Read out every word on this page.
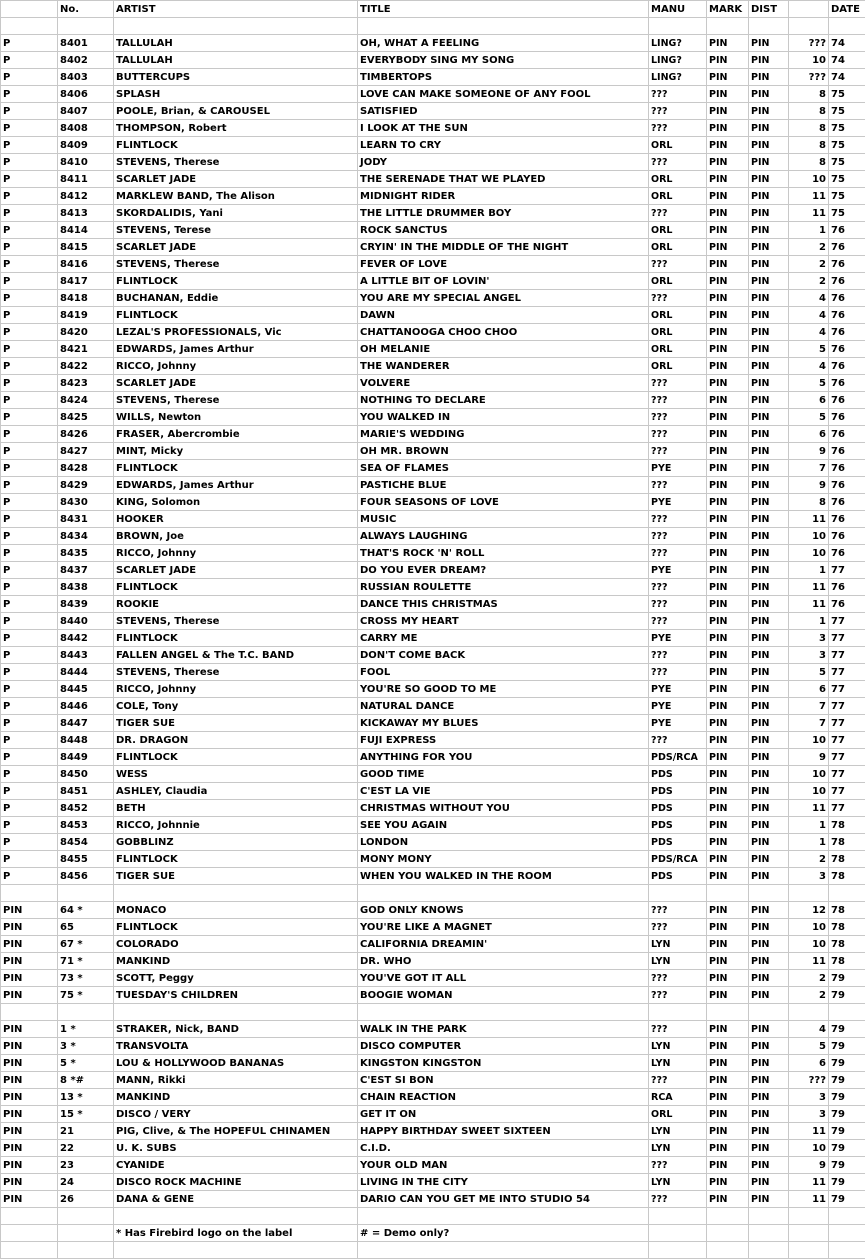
	No.	ARTIST	TITLE	MANU	MARK	DIST		DATE

P	8401	TALLULAH	OH, WHAT A FEELING	LING?	PIN	PIN	???	74
P	8402	TALLULAH	EVERYBODY SING MY SONG	LING?	PIN	PIN	10	74
P	8403	BUTTERCUPS	TIMBERTOPS	LING?	PIN	PIN	???	74
P	8406	SPLASH	LOVE CAN MAKE SOMEONE OF ANY FOOL	???	PIN	PIN	8	75
P	8407	POOLE, Brian, & CAROUSEL	SATISFIED	???	PIN	PIN	8	75
P	8408	THOMPSON, Robert	I LOOK AT THE SUN	???	PIN	PIN	8	75
P	8409	FLINTLOCK	LEARN TO CRY	ORL	PIN	PIN	8	75
P	8410	STEVENS, Therese	JODY	???	PIN	PIN	8	75
P	8411	SCARLET JADE	THE SERENADE THAT WE PLAYED	ORL	PIN	PIN	10	75
P	8412	MARKLEW BAND, The Alison	MIDNIGHT RIDER	ORL	PIN	PIN	11	75
P	8413	SKORDALIDIS, Yani	THE LITTLE DRUMMER BOY	???	PIN	PIN	11	75
P	8414	STEVENS, Terese	ROCK SANCTUS	ORL	PIN	PIN	1	76
P	8415	SCARLET JADE	CRYIN' IN THE MIDDLE OF THE NIGHT	ORL	PIN	PIN	2	76
P	8416	STEVENS, Therese	FEVER OF LOVE	???	PIN	PIN	2	76
P	8417	FLINTLOCK	A LITTLE BIT OF LOVIN'	ORL	PIN	PIN	2	76
P	8418	BUCHANAN, Eddie	YOU ARE MY SPECIAL ANGEL	???	PIN	PIN	4	76
P	8419	FLINTLOCK	DAWN	ORL	PIN	PIN	4	76
P	8420	LEZAL'S PROFESSIONALS, Vic	CHATTANOOGA CHOO CHOO	ORL	PIN	PIN	4	76
P	8421	EDWARDS, James Arthur	OH MELANIE	ORL	PIN	PIN	5	76
P	8422	RICCO, Johnny	THE WANDERER	ORL	PIN	PIN	4	76
P	8423	SCARLET JADE	VOLVERE	???	PIN	PIN	5	76
P	8424	STEVENS, Therese	NOTHING TO DECLARE	???	PIN	PIN	6	76
P	8425	WILLS, Newton	YOU WALKED IN	???	PIN	PIN	5	76
P	8426	FRASER, Abercrombie	MARIE'S WEDDING	???	PIN	PIN	6	76
P	8427	MINT, Micky	OH MR. BROWN	???	PIN	PIN	9	76
P	8428	FLINTLOCK	SEA OF FLAMES	PYE	PIN	PIN	7	76
P	8429	EDWARDS, James Arthur	PASTICHE BLUE	???	PIN	PIN	9	76
P	8430	KING, Solomon	FOUR SEASONS OF LOVE	PYE	PIN	PIN	8	76
P	8431	HOOKER	MUSIC	???	PIN	PIN	11	76
P	8434	BROWN, Joe	ALWAYS LAUGHING	???	PIN	PIN	10	76
P	8435	RICCO, Johnny	THAT'S ROCK 'N' ROLL	???	PIN	PIN	10	76
P	8437	SCARLET JADE	DO YOU EVER DREAM?	PYE	PIN	PIN	1	77
P	8438	FLINTLOCK	RUSSIAN ROULETTE	???	PIN	PIN	11	76
P	8439	ROOKIE	DANCE THIS CHRISTMAS	???	PIN	PIN	11	76
P	8440	STEVENS, Therese	CROSS MY HEART	???	PIN	PIN	1	77
P	8442	FLINTLOCK	CARRY ME	PYE	PIN	PIN	3	77
P	8443	FALLEN ANGEL & The T.C. BAND	DON'T COME BACK	???	PIN	PIN	3	77
P	8444	STEVENS, Therese	FOOL	???	PIN	PIN	5	77
P	8445	RICCO, Johnny	YOU'RE SO GOOD TO ME	PYE	PIN	PIN	6	77
P	8446	COLE, Tony	NATURAL DANCE	PYE	PIN	PIN	7	77
P	8447	TIGER SUE	KICKAWAY MY BLUES	PYE	PIN	PIN	7	77
P	8448	DR. DRAGON	FUJI EXPRESS	???	PIN	PIN	10	77
P	8449	FLINTLOCK	ANYTHING FOR YOU	PDS/RCA	PIN	PIN	9	77
P	8450	WESS	GOOD TIME	PDS	PIN	PIN	10	77
P	8451	ASHLEY, Claudia	C'EST LA VIE	PDS	PIN	PIN	10	77
P	8452	BETH	CHRISTMAS WITHOUT YOU	PDS	PIN	PIN	11	77
P	8453	RICCO, Johnnie	SEE YOU AGAIN	PDS	PIN	PIN	1	78
P	8454	GOBBLINZ	LONDON	PDS	PIN	PIN	1	78
P	8455	FLINTLOCK	MONY MONY	PDS/RCA	PIN	PIN	2	78
P	8456	TIGER SUE	WHEN YOU WALKED IN THE ROOM	PDS	PIN	PIN	3	78

PIN	64 *	MONACO	GOD ONLY KNOWS	???	PIN	PIN	12	78
PIN	65	FLINTLOCK	YOU'RE LIKE A MAGNET	???	PIN	PIN	10	78
PIN	67 *	COLORADO	CALIFORNIA DREAMIN'	LYN	PIN	PIN	10	78
PIN	71 *	MANKIND	DR. WHO	LYN	PIN	PIN	11	78
PIN	73 *	SCOTT, Peggy	YOU'VE GOT IT ALL	???	PIN	PIN	2	79
PIN	75 *	TUESDAY'S CHILDREN	BOOGIE WOMAN	???	PIN	PIN	2	79

PIN	1 *	STRAKER, Nick, BAND	WALK IN THE PARK	???	PIN	PIN	4	79
PIN	3 *	TRANSVOLTA	DISCO COMPUTER	LYN	PIN	PIN	5	79
PIN	5 *	LOU & HOLLYWOOD BANANAS	KINGSTON KINGSTON	LYN	PIN	PIN	6	79
PIN	8 *#	MANN, Rikki	C'EST SI BON	???	PIN	PIN	???	79
PIN	13 *	MANKIND	CHAIN REACTION	RCA	PIN	PIN	3	79
PIN	15 *	DISCO / VERY	GET IT ON	ORL	PIN	PIN	3	79
PIN	21	PIG, Clive, & The HOPEFUL CHINAMEN	HAPPY BIRTHDAY SWEET SIXTEEN	LYN	PIN	PIN	11	79
PIN	22	U. K. SUBS	C.I.D.	LYN	PIN	PIN	10	79
PIN	23	CYANIDE	YOUR OLD MAN	???	PIN	PIN	9	79
PIN	24	DISCO ROCK MACHINE	LIVING IN THE CITY	LYN	PIN	PIN	11	79
PIN	26	DANA & GENE	DARIO CAN YOU GET ME INTO STUDIO 54	???	PIN	PIN	11	79

		* Has Firebird logo on the label	# = Demo only?					
